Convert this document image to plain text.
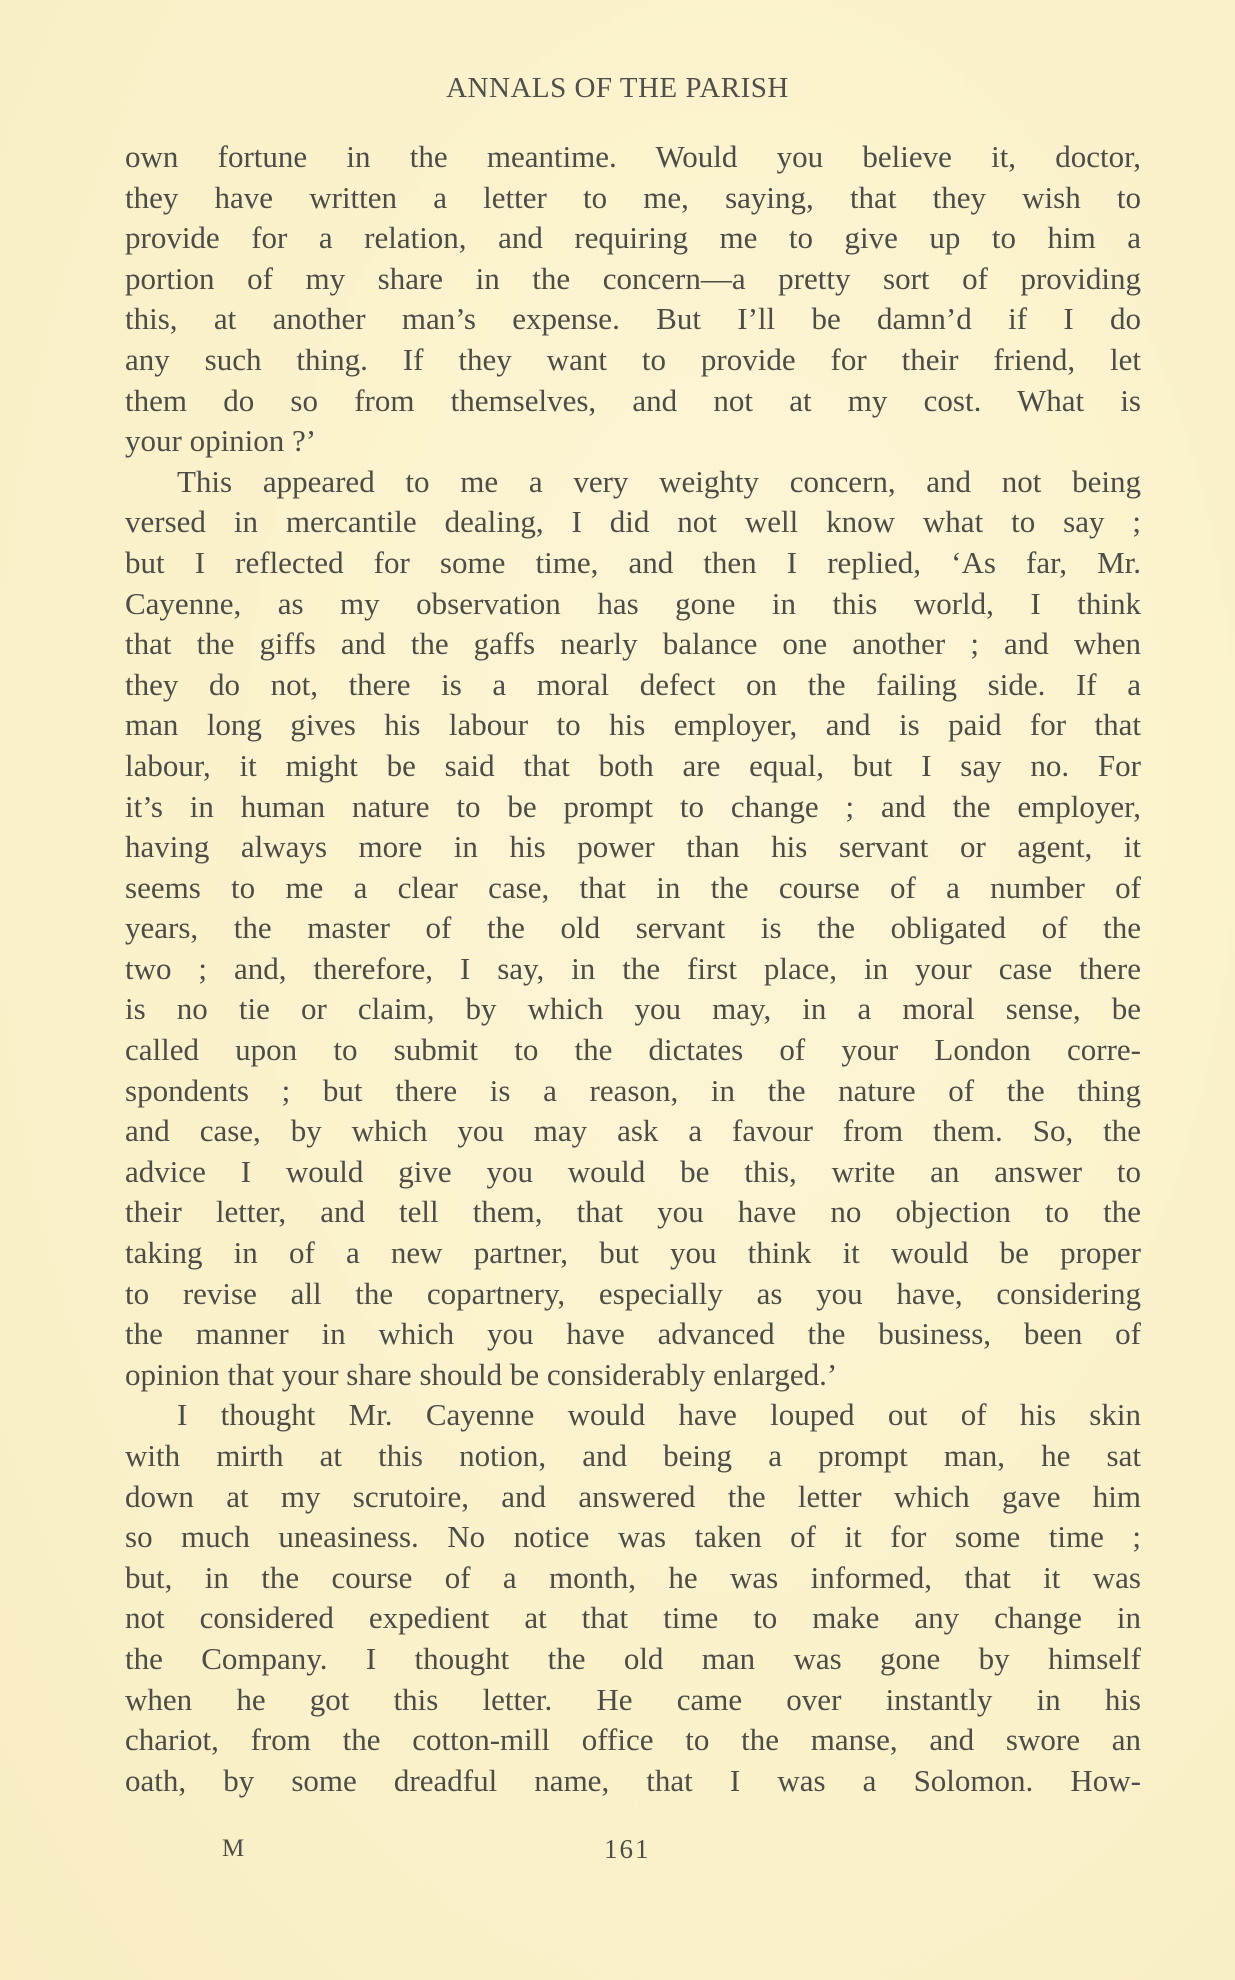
ANNALS OF THE PARISH
own fortune in the meantime. Would you believe it, doctor,
they have written a letter to me, saying, that they wish to
provide for a relation, and requiring me to give up to him a
portion of my share in the concern—a pretty sort of providing
this, at another man’s expense. But I’ll be damn’d if I do
any such thing. If they want to provide for their friend, let
them do so from themselves, and not at my cost. What is
your opinion ?’
This appeared to me a very weighty concern, and not being
versed in mercantile dealing, I did not well know what to say ;
but I reflected for some time, and then I replied, ‘As far, Mr.
Cayenne, as my observation has gone in this world, I think
that the giffs and the gaffs nearly balance one another ; and when
they do not, there is a moral defect on the failing side. If a
man long gives his labour to his employer, and is paid for that
labour, it might be said that both are equal, but I say no. For
it’s in human nature to be prompt to change ; and the employer,
having always more in his power than his servant or agent, it
seems to me a clear case, that in the course of a number of
years, the master of the old servant is the obligated of the
two ; and, therefore, I say, in the first place, in your case there
is no tie or claim, by which you may, in a moral sense, be
called upon to submit to the dictates of your London corre-
spondents ; but there is a reason, in the nature of the thing
and case, by which you may ask a favour from them. So, the
advice I would give you would be this, write an answer to
their letter, and tell them, that you have no objection to the
taking in of a new partner, but you think it would be proper
to revise all the copartnery, especially as you have, considering
the manner in which you have advanced the business, been of
opinion that your share should be considerably enlarged.’
I thought Mr. Cayenne would have louped out of his skin
with mirth at this notion, and being a prompt man, he sat
down at my scrutoire, and answered the letter which gave him
so much uneasiness. No notice was taken of it for some time ;
but, in the course of a month, he was informed, that it was
not considered expedient at that time to make any change in
the Company. I thought the old man was gone by himself
when he got this letter. He came over instantly in his
chariot, from the cotton-mill office to the manse, and swore an
oath, by some dreadful name, that I was a Solomon. How-
M	161
